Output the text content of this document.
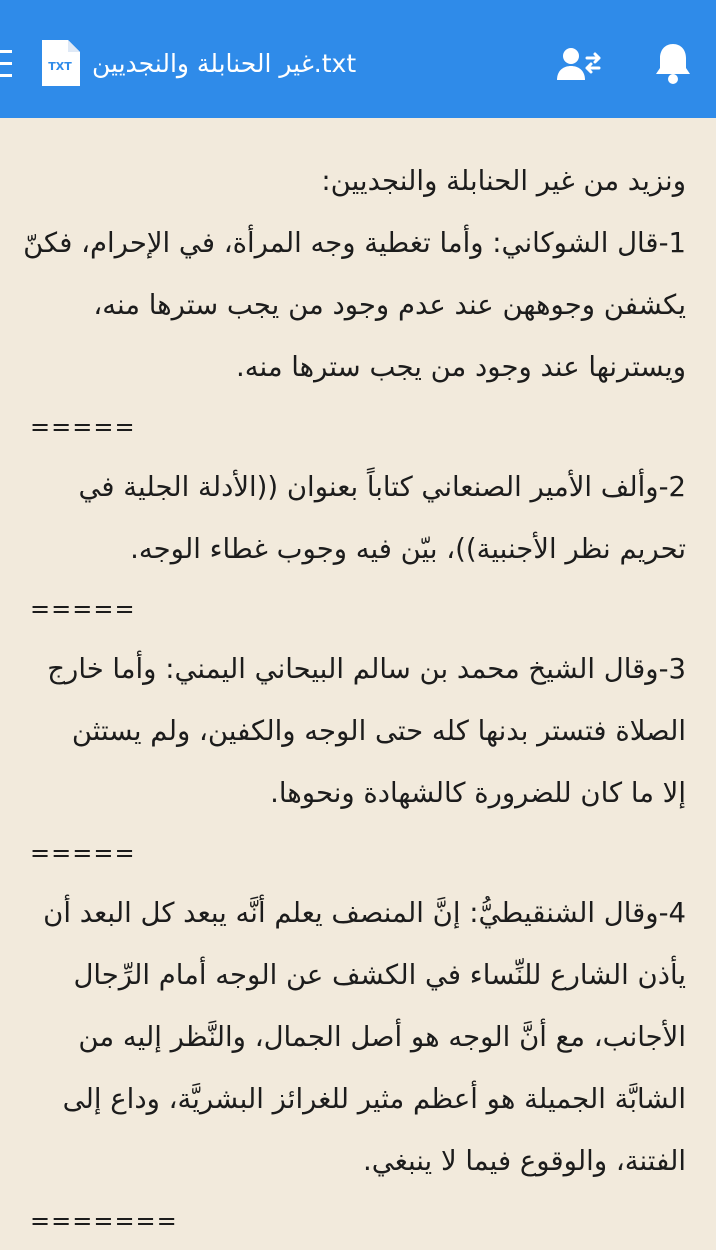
TXT غير الحنابلة والنجديين.txt
ونزيد من غير الحنابلة والنجديين:
1-قال الشوكاني: وأما تغطية وجه المرأة، في الإحرام، فكنّ
يكشفن وجوههن عند عدم وجود من يجب سترها منه،
ويسترنها عند وجود من يجب سترها منه.
=====
2-وألف الأمير الصنعاني كتاباً بعنوان ((الأدلة الجلية في
تحريم نظر الأجنبية))، بيّن فيه وجوب غطاء الوجه.
=====
3-وقال الشيخ محمد بن سالم البيحاني اليمني: وأما خارج
الصلاة فتستر بدنها كله حتى الوجه والكفين، ولم يستثن
إلا ما كان للضرورة كالشهادة ونحوها.
=====
4-وقال الشنقيطيُّ: إنَّ المنصف يعلم أنَّه يبعد كل البعد أن
يأذن الشارع للنِّساء في الكشف عن الوجه أمام الرِّجال
الأجانب، مع أنَّ الوجه هو أصل الجمال، والنَّظر إليه من
الشابَّة الجميلة هو أعظم مثير للغرائز البشريَّة، وداع إلى
الفتنة، والوقوع فيما لا ينبغي.
=======
